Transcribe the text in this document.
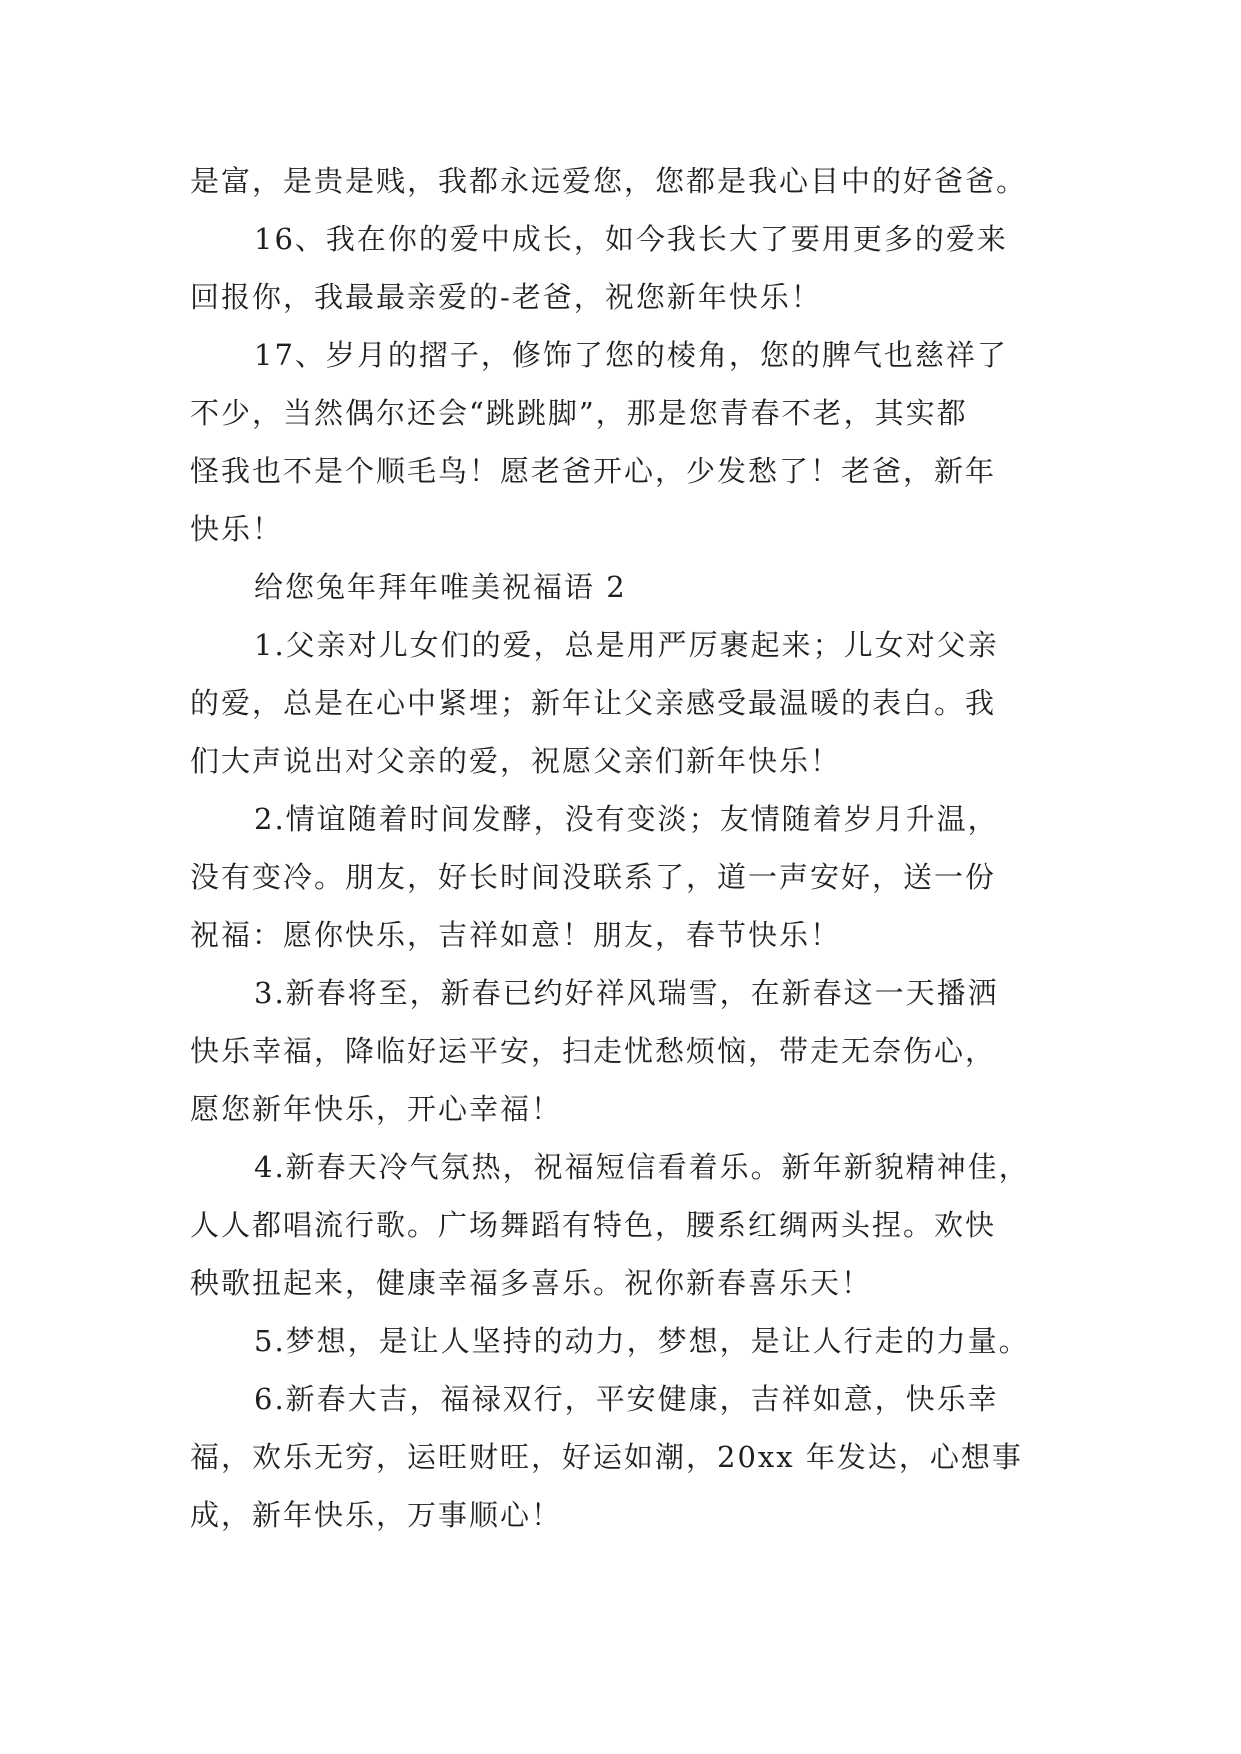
是富，是贵是贱，我都永远爱您，您都是我心目中的好爸爸。
16、我在你的爱中成长，如今我长大了要用更多的爱来
回报你，我最最亲爱的-老爸，祝您新年快乐！
17、岁月的摺子，修饰了您的棱角，您的脾气也慈祥了
不少，当然偶尔还会“跳跳脚”，那是您青春不老，其实都
怪我也不是个顺毛鸟！愿老爸开心，少发愁了！老爸，新年
快乐！
给您兔年拜年唯美祝福语 2
1.父亲对儿女们的爱，总是用严厉裹起来；儿女对父亲
的爱，总是在心中紧埋；新年让父亲感受最温暖的表白。我
们大声说出对父亲的爱，祝愿父亲们新年快乐！
2.情谊随着时间发酵，没有变淡；友情随着岁月升温，
没有变冷。朋友，好长时间没联系了，道一声安好，送一份
祝福：愿你快乐，吉祥如意！朋友，春节快乐！
3.新春将至，新春已约好祥风瑞雪，在新春这一天播洒
快乐幸福，降临好运平安，扫走忧愁烦恼，带走无奈伤心，
愿您新年快乐，开心幸福！
4.新春天冷气氛热，祝福短信看着乐。新年新貌精神佳，
人人都唱流行歌。广场舞蹈有特色，腰系红绸两头捏。欢快
秧歌扭起来，健康幸福多喜乐。祝你新春喜乐天！
5.梦想，是让人坚持的动力，梦想，是让人行走的力量。
6.新春大吉，福禄双行，平安健康，吉祥如意，快乐幸
福，欢乐无穷，运旺财旺，好运如潮，20xx 年发达，心想事
成，新年快乐，万事顺心！
